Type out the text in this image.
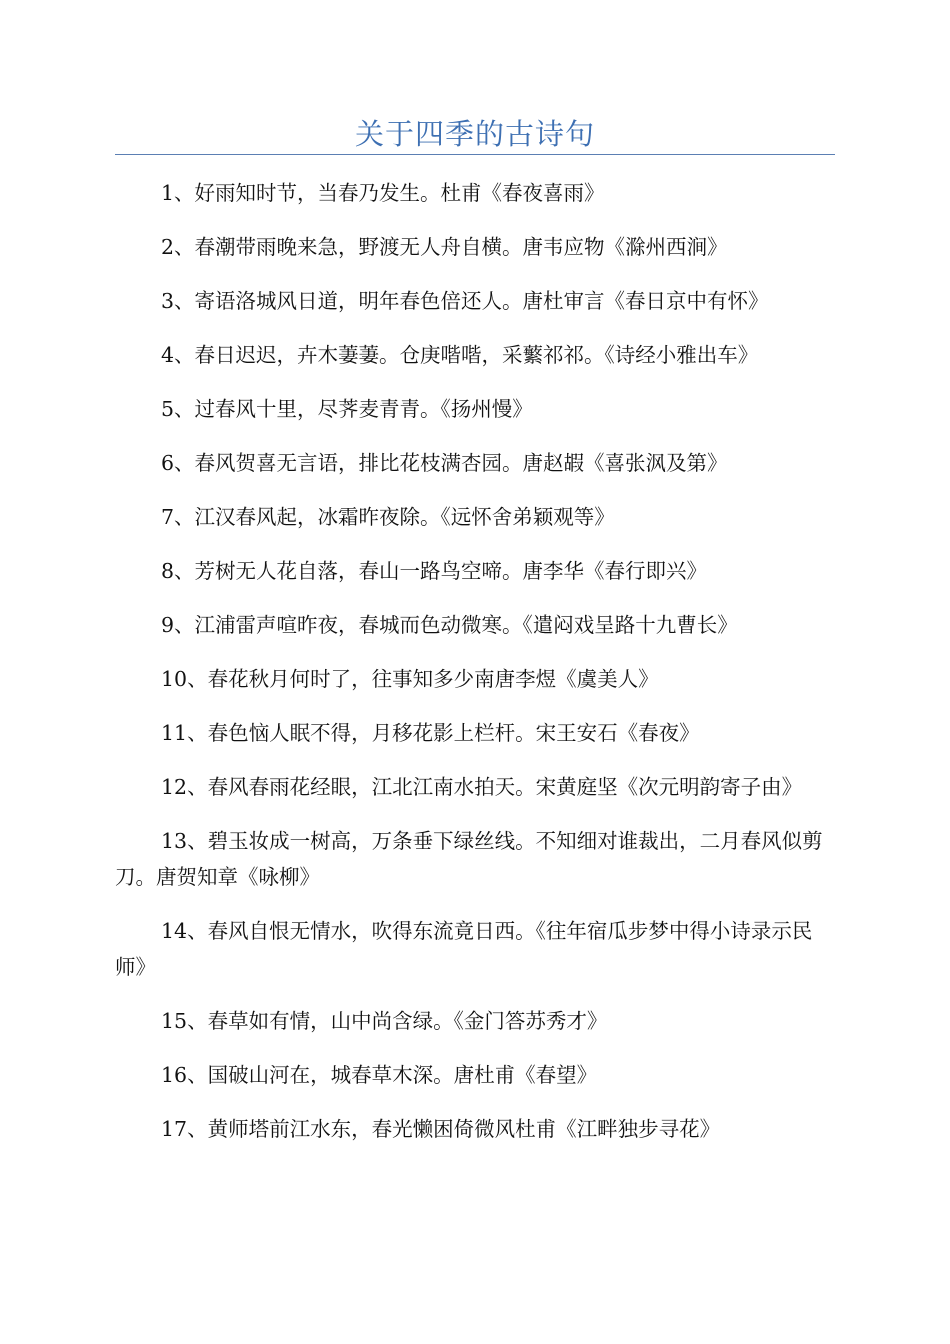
关于四季的古诗句
1、好雨知时节，当春乃发生。杜甫《春夜喜雨》
2、春潮带雨晚来急，野渡无人舟自横。唐韦应物《滁州西涧》
3、寄语洛城风日道，明年春色倍还人。唐杜审言《春日京中有怀》
4、春日迟迟，卉木萋萋。仓庚喈喈，采蘩祁祁。《诗经小雅出车》
5、过春风十里，尽荠麦青青。《扬州慢》
6、春风贺喜无言语，排比花枝满杏园。唐赵嘏《喜张沨及第》
7、江汉春风起，冰霜昨夜除。《远怀舍弟颖观等》
8、芳树无人花自落，春山一路鸟空啼。唐李华《春行即兴》
9、江浦雷声喧昨夜，春城而色动微寒。《遣闷戏呈路十九曹长》
10、春花秋月何时了，往事知多少南唐李煜《虞美人》
11、春色恼人眠不得，月移花影上栏杆。宋王安石《春夜》
12、春风春雨花经眼，江北江南水拍天。宋黄庭坚《次元明韵寄子由》
13、碧玉妆成一树高，万条垂下绿丝线。不知细对谁裁出，二月春风似剪刀。唐贺知章《咏柳》
14、春风自恨无情水，吹得东流竟日西。《往年宿瓜步梦中得小诗录示民师》
15、春草如有情，山中尚含绿。《金门答苏秀才》
16、国破山河在，城春草木深。唐杜甫《春望》
17、黄师塔前江水东，春光懒困倚微风杜甫《江畔独步寻花》
